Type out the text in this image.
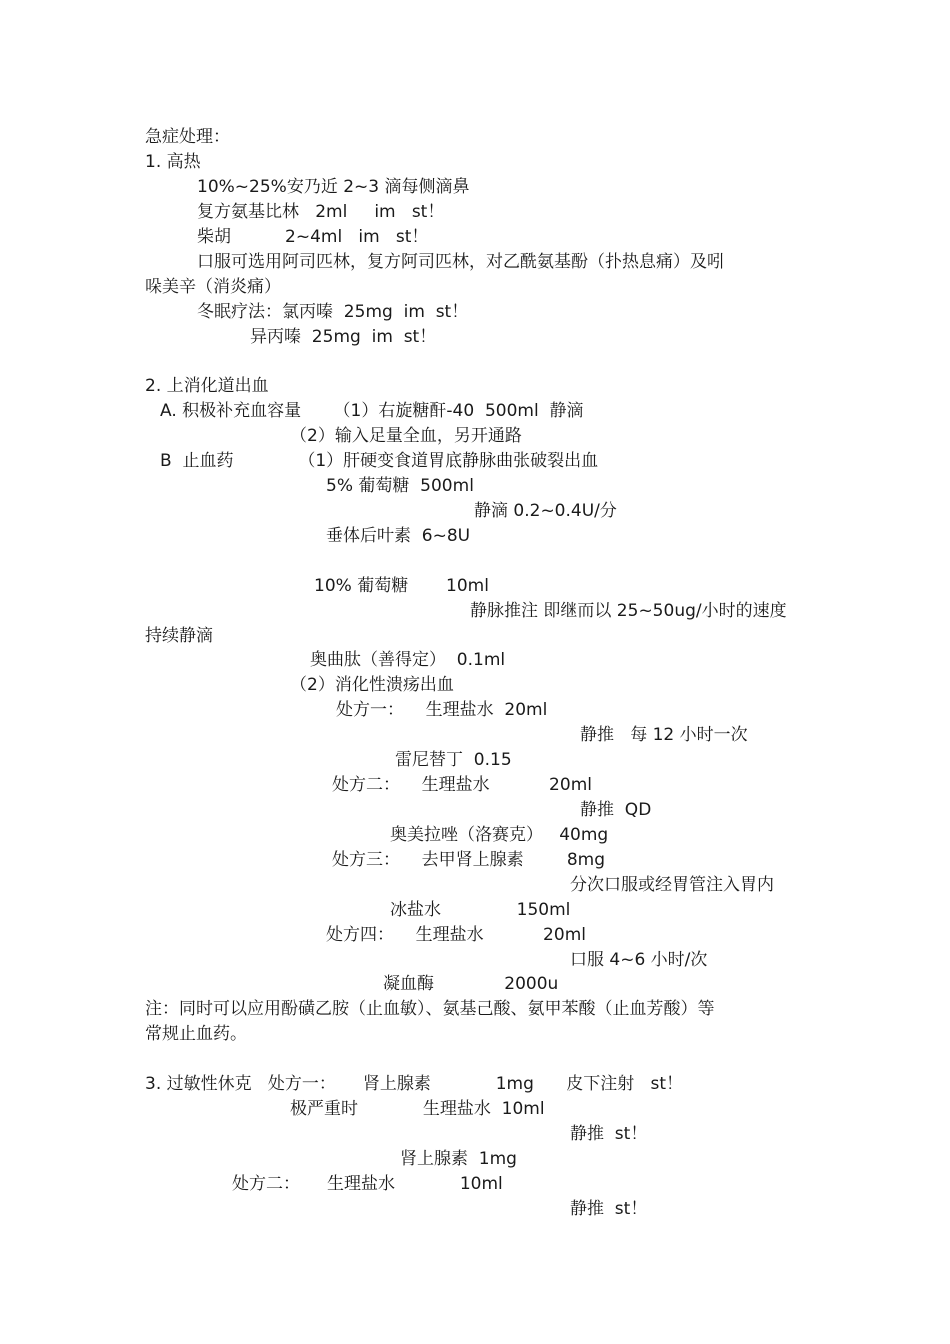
急症处理：
1. 高热
10%~25%安乃近 2~3 滴每侧滴鼻
复方氨基比林   2ml     im   st！
柴胡          2~4ml   im   st！
口服可选用阿司匹林，复方阿司匹林，对乙酰氨基酚（扑热息痛）及吲
哚美辛（消炎痛）
冬眠疗法：氯丙嗪  25mg  im  st！
异丙嗪  25mg  im  st！
2. 上消化道出血
A. 积极补充血容量      （1）右旋糖酐-40  500ml  静滴
（2）输入足量全血，另开通路
B  止血药            （1）肝硬变食道胃底静脉曲张破裂出血
5% 葡萄糖  500ml
静滴 0.2~0.4U/分
垂体后叶素  6~8U
10% 葡萄糖       10ml
静脉推注 即继而以 25~50ug/小时的速度
持续静滴
奥曲肽（善得定）  0.1ml
（2）消化性溃疡出血
处方一：    生理盐水  20ml
静推   每 12 小时一次
雷尼替丁  0.15
处方二：    生理盐水           20ml
静推  QD
奥美拉唑（洛赛克）   40mg
处方三：    去甲肾上腺素        8mg
分次口服或经胃管注入胃内
冰盐水              150ml
处方四：    生理盐水           20ml
口服 4~6 小时/次
凝血酶             2000u
注：同时可以应用酚磺乙胺（止血敏）、氨基己酸、氨甲苯酸（止血芳酸）等
常规止血药。
3. 过敏性休克   处方一：     肾上腺素            1mg      皮下注射   st！
极严重时            生理盐水  10ml
静推  st！
肾上腺素  1mg
处方二：     生理盐水            10ml
静推  st！
